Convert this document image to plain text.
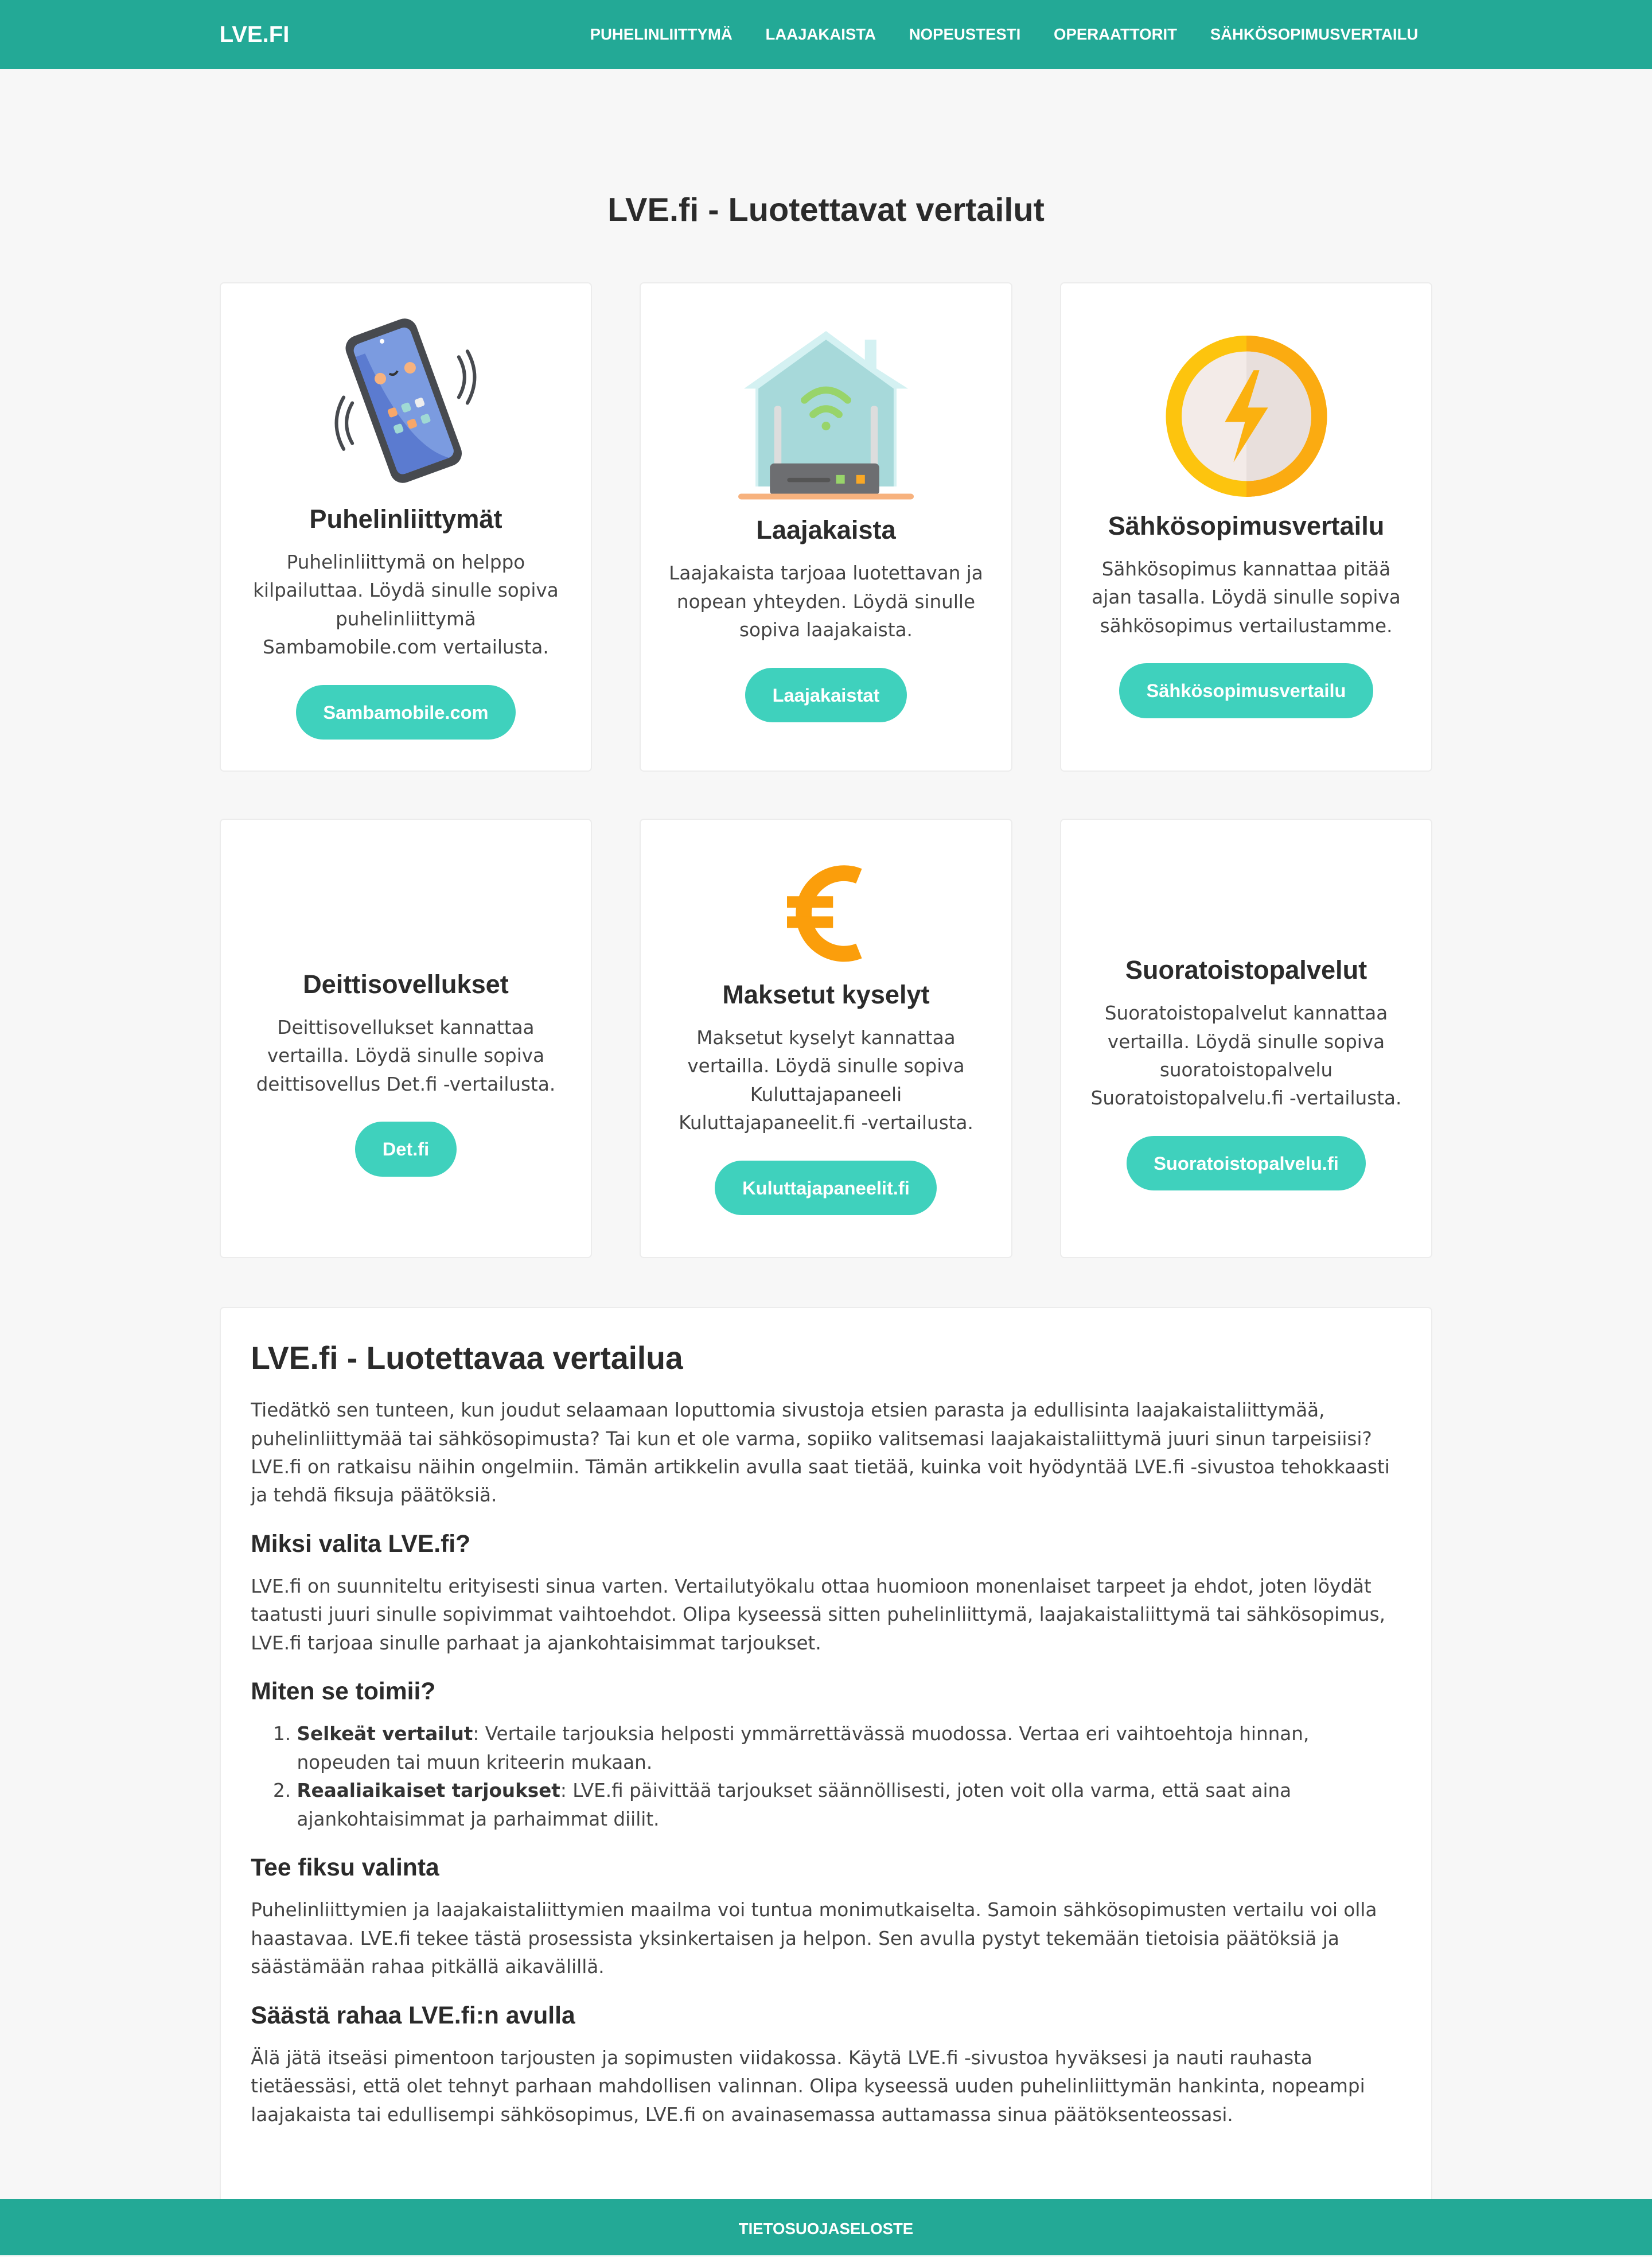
LVE.FI	PUHELINLIITTYMÄ	LAAJAKAISTA	NOPEUSTESTI	OPERAATTORIT	SÄHKÖSOPIMUSVERTAILU
LVE.fi - Luotettavat vertailut
Puhelinliittymät

Puhelinliittymä on helppo kilpailuttaa. Löydä sinulle sopiva puhelinliittymä Sambamobile.com vertailusta.

Sambamobile.com
Laajakaista

Laajakaista tarjoaa luotettavan ja nopean yhteyden. Löydä sinulle sopiva laajakaista.

Laajakaistat
Sähkösopimusvertailu

Sähkösopimus kannattaa pitää ajan tasalla. Löydä sinulle sopiva sähkösopimus vertailustamme.

Sähkösopimusvertailu
Deittisovellukset

Deittisovellukset kannattaa vertailla. Löydä sinulle sopiva deittisovellus Det.fi -vertailusta.

Det.fi
Maksetut kyselyt

Maksetut kyselyt kannattaa vertailla. Löydä sinulle sopiva Kuluttajapaneeli Kuluttajapaneelit.fi -vertailusta.

Kuluttajapaneelit.fi
Suoratoistopalvelut

Suoratoistopalvelut kannattaa vertailla. Löydä sinulle sopiva suoratoistopalvelu Suoratoistopalvelu.fi -vertailusta.

Suoratoistopalvelu.fi
LVE.fi - Luotettavaa vertailua

Tiedätkö sen tunteen, kun joudut selaamaan loputtomia sivustoja etsien parasta ja edullisinta laajakaistaliittymää, puhelinliittymää tai sähkösopimusta? Tai kun et ole varma, sopiiko valitsemasi laajakaistaliittymä juuri sinun tarpeisiisi? LVE.fi on ratkaisu näihin ongelmiin. Tämän artikkelin avulla saat tietää, kuinka voit hyödyntää LVE.fi -sivustoa tehokkaasti ja tehdä fiksuja päätöksiä.

Miksi valita LVE.fi?

LVE.fi on suunniteltu erityisesti sinua varten. Vertailutyökalu ottaa huomioon monenlaiset tarpeet ja ehdot, joten löydät taatusti juuri sinulle sopivimmat vaihtoehdot. Olipa kyseessä sitten puhelinliittymä, laajakaistaliittymä tai sähkösopimus, LVE.fi tarjoaa sinulle parhaat ja ajankohtaisimmat tarjoukset.

Miten se toimii?
1. Selkeät vertailut: Vertaile tarjouksia helposti ymmärrettävässä muodossa. Vertaa eri vaihtoehtoja hinnan, nopeuden tai muun kriteerin mukaan.
2. Reaaliaikaiset tarjoukset: LVE.fi päivittää tarjoukset säännöllisesti, joten voit olla varma, että saat aina ajankohtaisimmat ja parhaimmat diilit.
Tee fiksu valinta

Puhelinliittymien ja laajakaistaliittymien maailma voi tuntua monimutkaiselta. Samoin sähkösopimusten vertailu voi olla haastavaa. LVE.fi tekee tästä prosessista yksinkertaisen ja helpon. Sen avulla pystyt tekemään tietoisia päätöksiä ja säästämään rahaa pitkällä aikavälillä.

Säästä rahaa LVE.fi:n avulla

Älä jätä itseäsi pimentoon tarjousten ja sopimusten viidakossa. Käytä LVE.fi -sivustoa hyväksesi ja nauti rauhasta tietäessäsi, että olet tehnyt parhaan mahdollisen valinnan. Olipa kyseessä uuden puhelinliittymän hankinta, nopeampi laajakaista tai edullisempi sähkösopimus, LVE.fi on avainasemassa auttamassa sinua päätöksenteossasi.

TIETOSUOJASELOSTE
